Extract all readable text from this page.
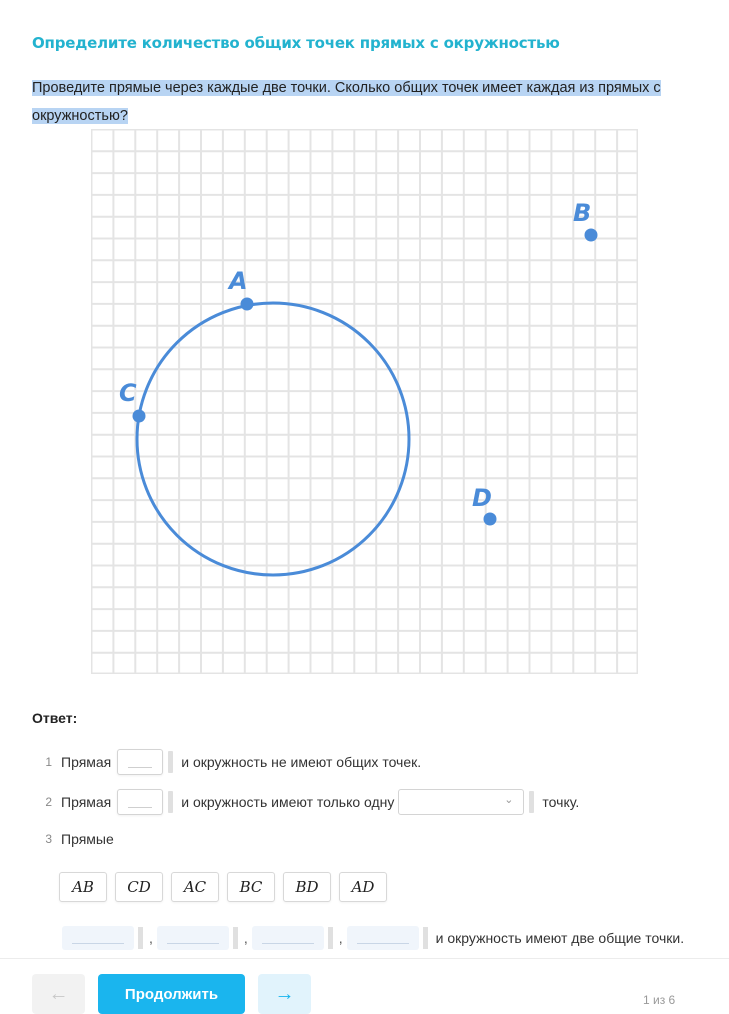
Определите количество общих точек прямых с окружностью
Проведите прямые через каждые две точки. Сколько общих точек имеет каждая из прямых с окружностью?
A
B
C
D
Ответ:
1 Прямая	и окружность не имеют общих точек.
2 Прямая	и окружность имеют только одну	⌄ точку.
3 Прямые
AB	CD	AC	BC	BD	AD
,	,	,	и окружность имеют две общие точки.
←	Продолжить	→	1 из 6
